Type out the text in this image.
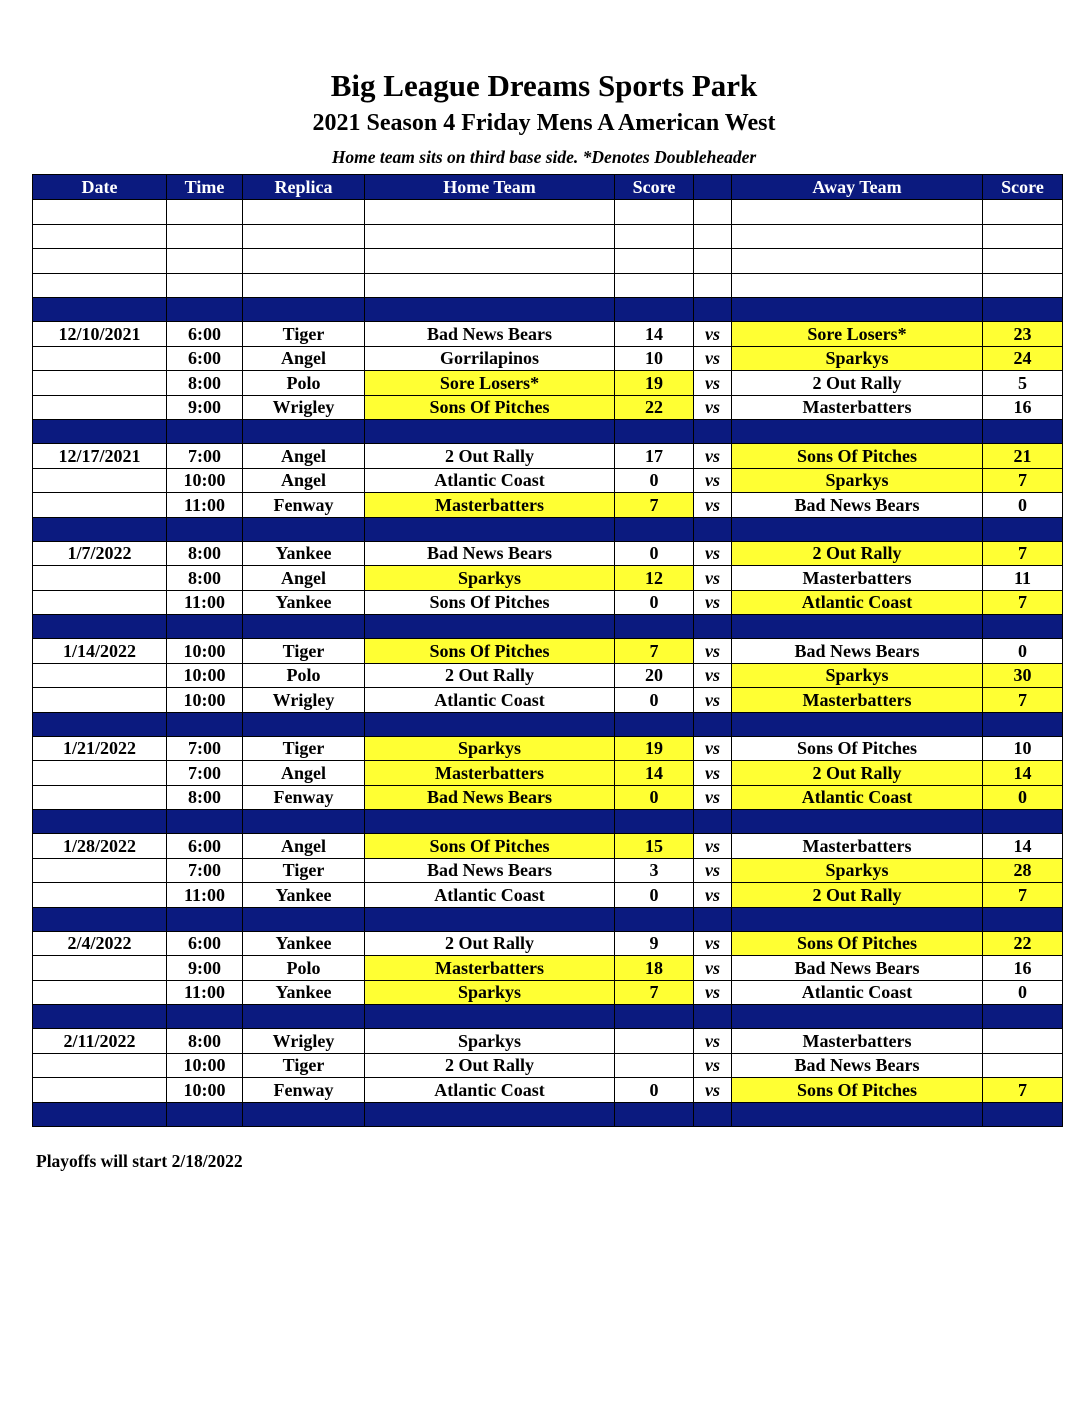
Big League Dreams Sports Park
2021 Season 4 Friday Mens A American West
Home team sits on third base side. *Denotes Doubleheader
Date	Time	Replica	Home Team	Score		Away Team	Score

12/10/2021	6:00	Tiger	Bad News Bears	14	vs	Sore Losers*	23
	6:00	Angel	Gorrilapinos	10	vs	Sparkys	24
	8:00	Polo	Sore Losers*	19	vs	2 Out Rally	5
	9:00	Wrigley	Sons Of Pitches	22	vs	Masterbatters	16

12/17/2021	7:00	Angel	2 Out Rally	17	vs	Sons Of Pitches	21
	10:00	Angel	Atlantic Coast	0	vs	Sparkys	7
	11:00	Fenway	Masterbatters	7	vs	Bad News Bears	0

1/7/2022	8:00	Yankee	Bad News Bears	0	vs	2 Out Rally	7
	8:00	Angel	Sparkys	12	vs	Masterbatters	11
	11:00	Yankee	Sons Of Pitches	0	vs	Atlantic Coast	7

1/14/2022	10:00	Tiger	Sons Of Pitches	7	vs	Bad News Bears	0
	10:00	Polo	2 Out Rally	20	vs	Sparkys	30
	10:00	Wrigley	Atlantic Coast	0	vs	Masterbatters	7

1/21/2022	7:00	Tiger	Sparkys	19	vs	Sons Of Pitches	10
	7:00	Angel	Masterbatters	14	vs	2 Out Rally	14
	8:00	Fenway	Bad News Bears	0	vs	Atlantic Coast	0

1/28/2022	6:00	Angel	Sons Of Pitches	15	vs	Masterbatters	14
	7:00	Tiger	Bad News Bears	3	vs	Sparkys	28
	11:00	Yankee	Atlantic Coast	0	vs	2 Out Rally	7

2/4/2022	6:00	Yankee	2 Out Rally	9	vs	Sons Of Pitches	22
	9:00	Polo	Masterbatters	18	vs	Bad News Bears	16
	11:00	Yankee	Sparkys	7	vs	Atlantic Coast	0

2/11/2022	8:00	Wrigley	Sparkys		vs	Masterbatters	
	10:00	Tiger	2 Out Rally		vs	Bad News Bears	
	10:00	Fenway	Atlantic Coast	0	vs	Sons Of Pitches	7

Playoffs will start 2/18/2022
